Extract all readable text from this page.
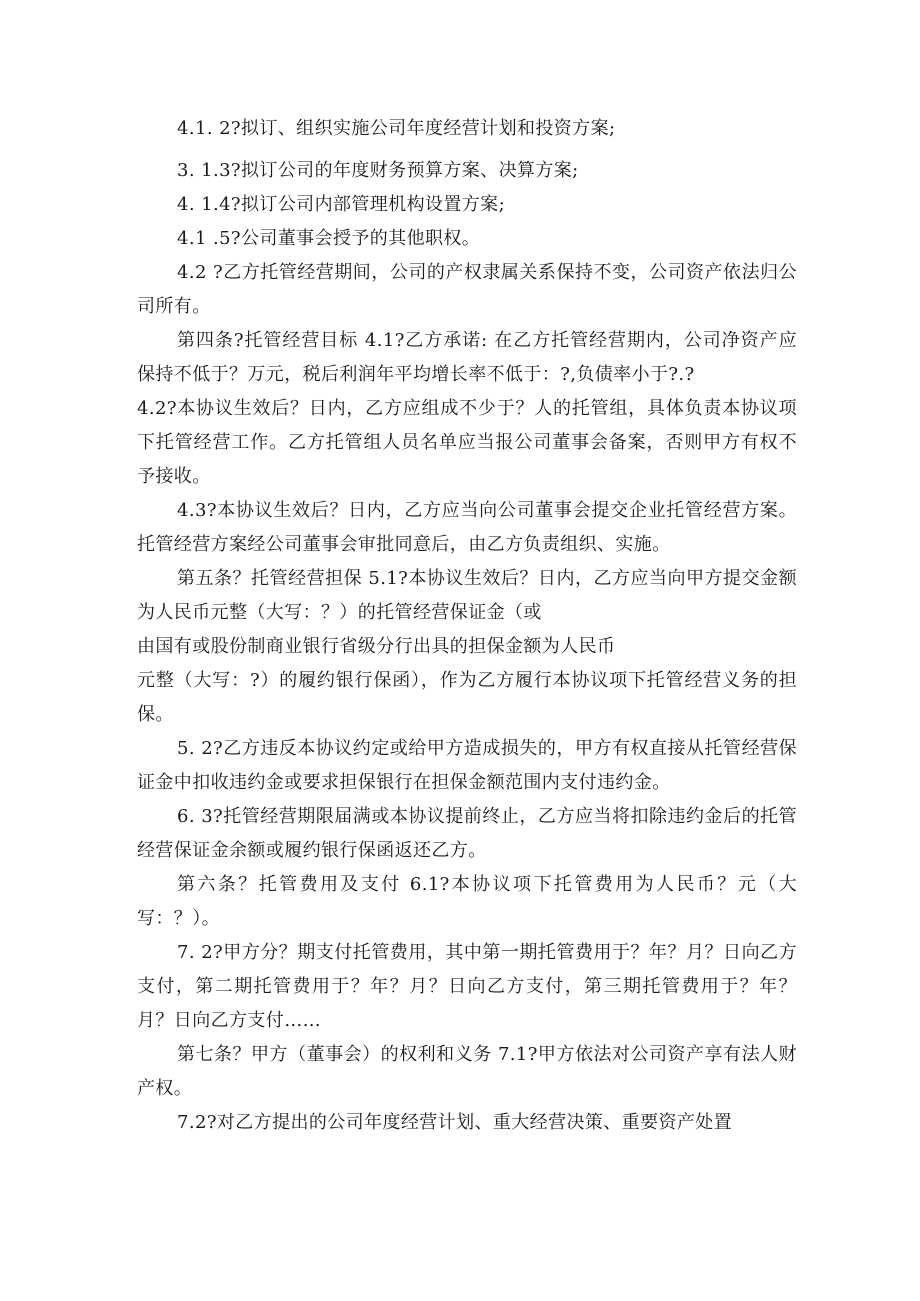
4.1. 2?拟订、组织实施公司年度经营计划和投资方案;

3. 1.3?拟订公司的年度财务预算方案、决算方案;

4. 1.4?拟订公司内部管理机构设置方案;

4.1 .5?公司董事会授予的其他职权。

4.2 ?乙方托管经营期间，公司的产权隶属关系保持不变，公司资产依法归公司所有。

第四条?托管经营目标 4.1?乙方承诺: 在乙方托管经营期内，公司净资产应保持不低于？万元，税后利润年平均增长率不低于：?,负债率小于?.?

4.2?本协议生效后？日内，乙方应组成不少于？人的托管组，具体负责本协议项下托管经营工作。乙方托管组人员名单应当报公司董事会备案，否则甲方有权不予接收。

4.3?本协议生效后？日内，乙方应当向公司董事会提交企业托管经营方案。托管经营方案经公司董事会审批同意后，由乙方负责组织、实施。

第五条？托管经营担保 5.1?本协议生效后？日内，乙方应当向甲方提交金额为人民币元整（大写：？）的托管经营保证金（或

由国有或股份制商业银行省级分行出具的担保金额为人民币

元整（大写：?）的履约银行保函），作为乙方履行本协议项下托管经营义务的担保。

5. 2?乙方违反本协议约定或给甲方造成损失的，甲方有权直接从托管经营保证金中扣收违约金或要求担保银行在担保金额范围内支付违约金。

6. 3?托管经营期限届满或本协议提前终止，乙方应当将扣除违约金后的托管经营保证金余额或履约银行保函返还乙方。

第六条？托管费用及支付 6.1?本协议项下托管费用为人民币？元（大写：？）。

7. 2?甲方分？期支付托管费用，其中第一期托管费用于？年？月？日向乙方支付，第二期托管费用于？年？月？日向乙方支付，第三期托管费用于？年？月？日向乙方支付……

第七条？甲方（董事会）的权利和义务 7.1?甲方依法对公司资产享有法人财产权。

7.2?对乙方提出的公司年度经营计划、重大经营决策、重要资产处置
